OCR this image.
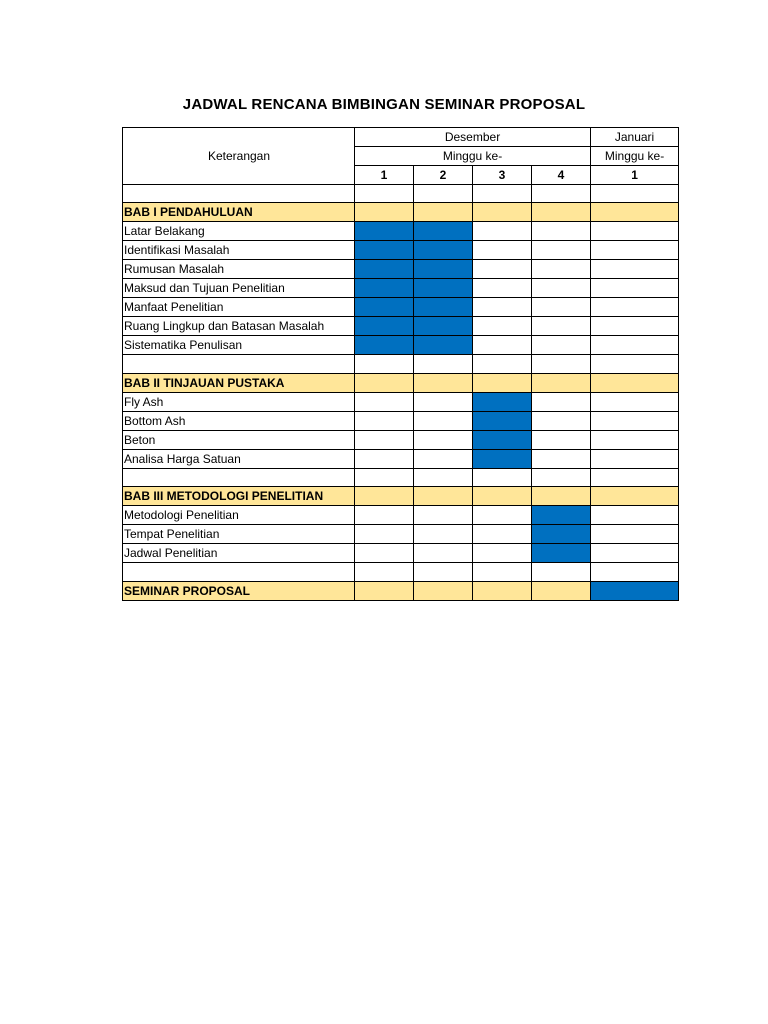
JADWAL RENCANA BIMBINGAN SEMINAR PROPOSAL
Keterangan	Desember				Januari
	Minggu ke-				Minggu ke-
	1	2	3	4	1

BAB I PENDAHULUAN					
Latar Belakang					
Identifikasi Masalah					
Rumusan Masalah					
Maksud dan Tujuan Penelitian					
Manfaat Penelitian					
Ruang Lingkup dan Batasan Masalah					
Sistematika Penulisan					

BAB II TINJAUAN PUSTAKA					
Fly Ash					
Bottom Ash					
Beton					
Analisa Harga Satuan					

BAB III METODOLOGI PENELITIAN					
Metodologi Penelitian					
Tempat Penelitian					
Jadwal Penelitian					

SEMINAR PROPOSAL					
